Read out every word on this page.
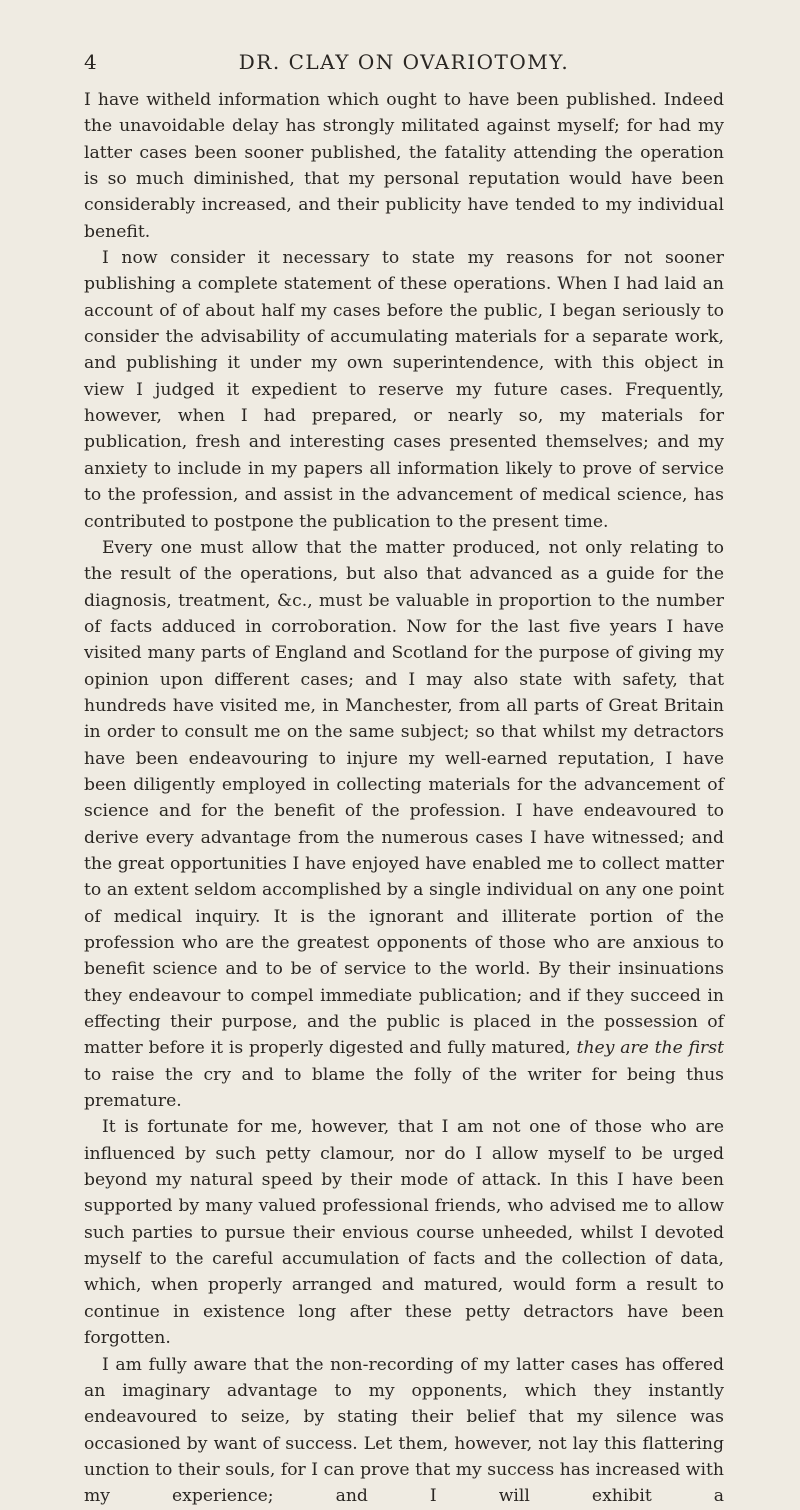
4	DR. CLAY ON OVARIOTOMY.

I have witheld information which ought to have been published. Indeed the unavoidable delay has strongly militated against myself; for had my latter cases been sooner published, the fatality attending the operation is so much diminished, that my personal reputation would have been considerably increased, and their publicity have tended to my individual benefit.

I now consider it necessary to state my reasons for not sooner publishing a complete statement of these operations. When I had laid an account of of about half my cases before the public, I began seriously to consider the advisability of accumulating materials for a separate work, and publishing it under my own superintendence, with this object in view I judged it expedient to reserve my future cases. Frequently, however, when I had prepared, or nearly so, my materials for publication, fresh and interesting cases presented themselves; and my anxiety to include in my papers all information likely to prove of service to the profession, and assist in the advancement of medical science, has contributed to postpone the publication to the present time.

Every one must allow that the matter produced, not only relating to the result of the operations, but also that advanced as a guide for the diagnosis, treatment, &c., must be valuable in proportion to the number of facts adduced in corroboration. Now for the last five years I have visited many parts of England and Scotland for the purpose of giving my opinion upon different cases; and I may also state with safety, that hundreds have visited me, in Manchester, from all parts of Great Britain in order to consult me on the same subject; so that whilst my detractors have been endeavouring to injure my well-earned reputation, I have been diligently employed in collecting materials for the advancement of science and for the benefit of the profession. I have endeavoured to derive every advantage from the numerous cases I have witnessed; and the great opportunities I have enjoyed have enabled me to collect matter to an extent seldom accomplished by a single individual on any one point of medical inquiry. It is the ignorant and illiterate portion of the profession who are the greatest opponents of those who are anxious to benefit science and to be of service to the world. By their insinuations they endeavour to compel immediate publication; and if they succeed in effecting their purpose, and the public is placed in the possession of matter before it is properly digested and fully matured, they are the first to raise the cry and to blame the folly of the writer for being thus premature.

It is fortunate for me, however, that I am not one of those who are influenced by such petty clamour, nor do I allow myself to be urged beyond my natural speed by their mode of attack. In this I have been supported by many valued professional friends, who advised me to allow such parties to pursue their envious course unheeded, whilst I devoted myself to the careful accumulation of facts and the collection of data, which, when properly arranged and matured, would form a result to continue in existence long after these petty detractors have been forgotten.

I am fully aware that the non-recording of my latter cases has offered an imaginary advantage to my opponents, which they instantly endeavoured to seize, by stating their belief that my silence was occasioned by want of success. Let them, however, not lay this flattering unction to their souls, for I can prove that my success has increased with my experience; and I will exhibit a
